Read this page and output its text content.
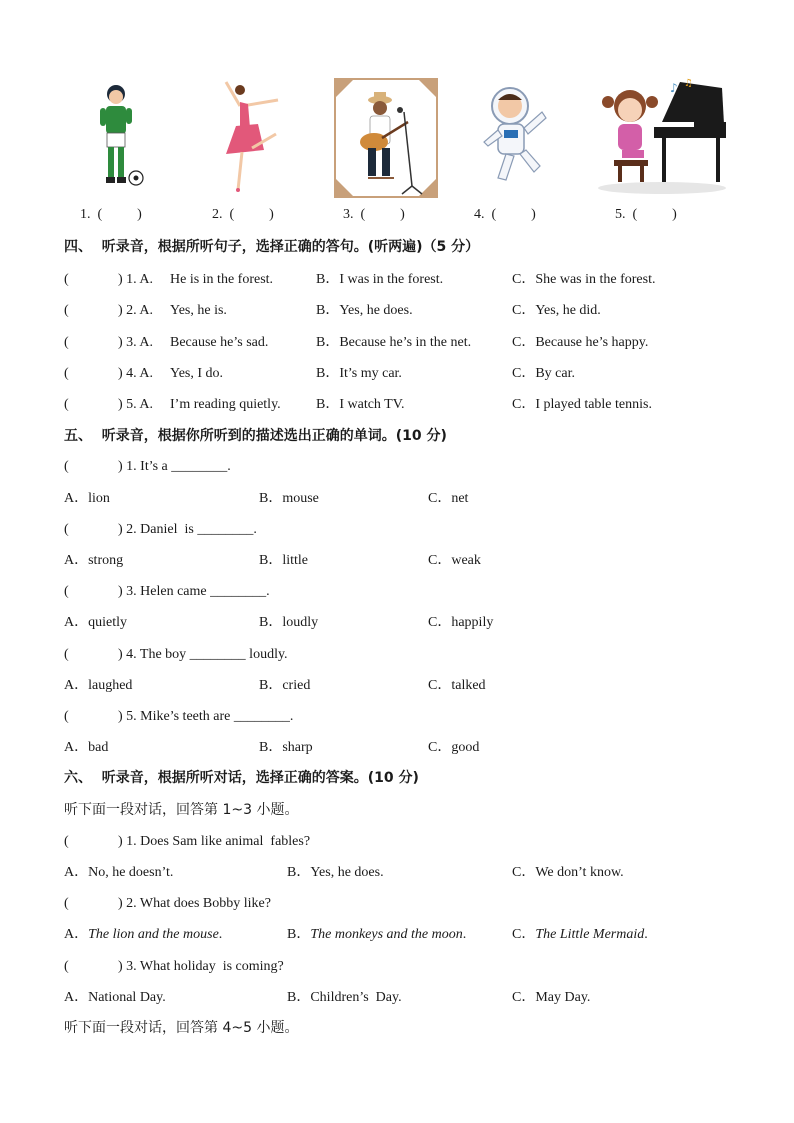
♪ ♫
1.  (          )	2.  (          )	3.  (          )	4.  (          )	5.  (          )
四、  听录音，根据所听句子，选择正确的答句。(听两遍)（5 分）
(	) 1. A. He is in the forest.	B．I was in the forest.	C．She was in the forest.
(	) 2. A. Yes, he is.	B．Yes, he does.	C．Yes, he did.
(	) 3. A. Because he’s sad.	B．Because he’s in the net.	C．Because he’s happy.
(	) 4. A. Yes, I do.	B．It’s my car.	C．By car.
(	) 5. A. I’m reading quietly.	B．I watch TV.	C．I played table tennis.
五、  听录音，根据你所听到的描述选出正确的单词。(10 分)
(	) 1. It’s a ________.
A．lion	B．mouse	C．net
(	) 2. Daniel  is ________.
A．strong	B．little	C．weak
(	) 3. Helen came ________.
A．quietly	B．loudly	C．happily
(	) 4. The boy ________ loudly.
A．laughed	B．cried	C．talked
(	) 5. Mike’s teeth are ________.
A．bad	B．sharp	C．good
六、  听录音，根据所听对话，选择正确的答案。(10 分)
听下面一段对话，回答第 1~3 小题。
(	) 1. Does Sam like animal  fables?
A．No, he doesn’t.	B．Yes, he does.	C．We don’t know.
(	) 2. What does Bobby like?
A．The lion and the mouse.	B．The monkeys and the moon.	C．The Little Mermaid.
(	) 3. What holiday  is coming?
A．National Day.	B．Children’s  Day.	C．May Day.
听下面一段对话，回答第 4~5 小题。
